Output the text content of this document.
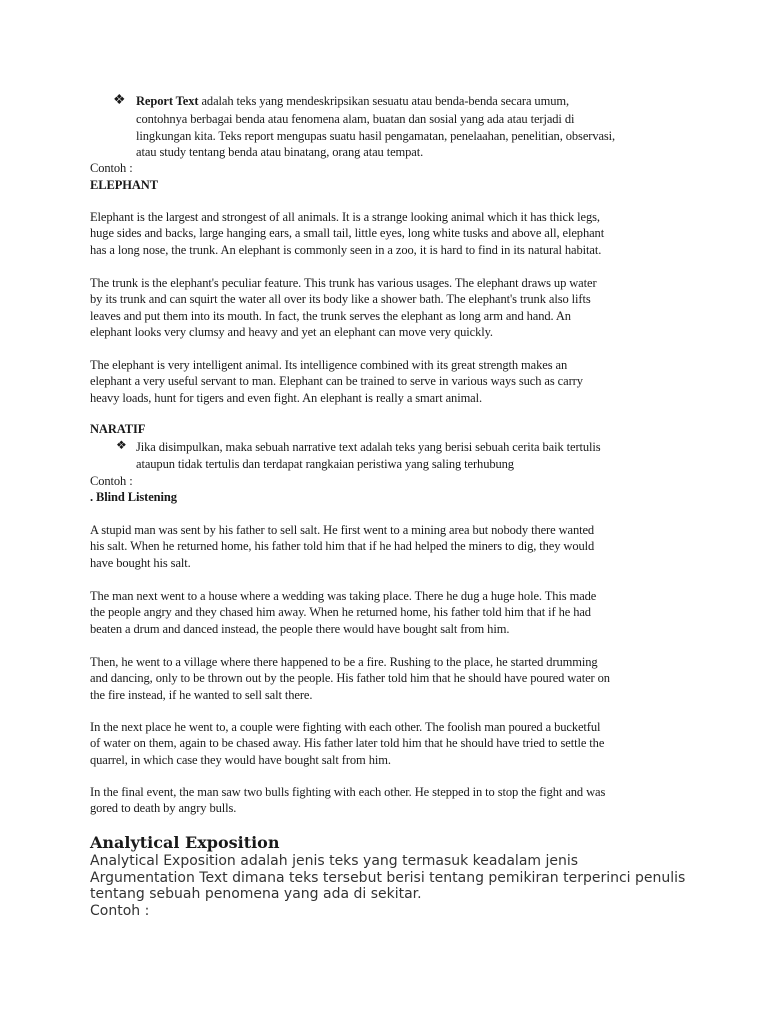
❖ Report Text adalah teks yang mendeskripsikan sesuatu atau benda-benda secara umum,
contohnya berbagai benda atau fenomena alam, buatan dan sosial yang ada atau terjadi di
lingkungan kita. Teks report mengupas suatu hasil pengamatan, penelaahan, penelitian, observasi,
atau study tentang benda atau binatang, orang atau tempat.
Contoh :
ELEPHANT
Elephant is the largest and strongest of all animals. It is a strange looking animal which it has thick legs,
huge sides and backs, large hanging ears, a small tail, little eyes, long white tusks and above all, elephant
has a long nose, the trunk. An elephant is commonly seen in a zoo, it is hard to find in its natural habitat.
The trunk is the elephant's peculiar feature. This trunk has various usages. The elephant draws up water
by its trunk and can squirt the water all over its body like a shower bath. The elephant's trunk also lifts
leaves and put them into its mouth. In fact, the trunk serves the elephant as long arm and hand. An
elephant looks very clumsy and heavy and yet an elephant can move very quickly.
The elephant is very intelligent animal. Its intelligence combined with its great strength makes an
elephant a very useful servant to man. Elephant can be trained to serve in various ways such as carry
heavy loads, hunt for tigers and even fight. An elephant is really a smart animal.
NARATIF
❖ Jika disimpulkan, maka sebuah narrative text adalah teks yang berisi sebuah cerita baik tertulis
ataupun tidak tertulis dan terdapat rangkaian peristiwa yang saling terhubung
Contoh :
. Blind Listening
A stupid man was sent by his father to sell salt. He first went to a mining area but nobody there wanted
his salt. When he returned home, his father told him that if he had helped the miners to dig, they would
have bought his salt.
The man next went to a house where a wedding was taking place. There he dug a huge hole. This made
the people angry and they chased him away. When he returned home, his father told him that if he had
beaten a drum and danced instead, the people there would have bought salt from him.
Then, he went to a village where there happened to be a fire. Rushing to the place, he started drumming
and dancing, only to be thrown out by the people. His father told him that he should have poured water on
the fire instead, if he wanted to sell salt there.
In the next place he went to, a couple were fighting with each other. The foolish man poured a bucketful
of water on them, again to be chased away. His father later told him that he should have tried to settle the
quarrel, in which case they would have bought salt from him.
In the final event, the man saw two bulls fighting with each other. He stepped in to stop the fight and was
gored to death by angry bulls.
Analytical Exposition
Analytical Exposition adalah jenis teks yang termasuk keadalam jenis
Argumentation Text dimana teks tersebut berisi tentang pemikiran terperinci penulis
tentang sebuah penomena yang ada di sekitar.
Contoh :
